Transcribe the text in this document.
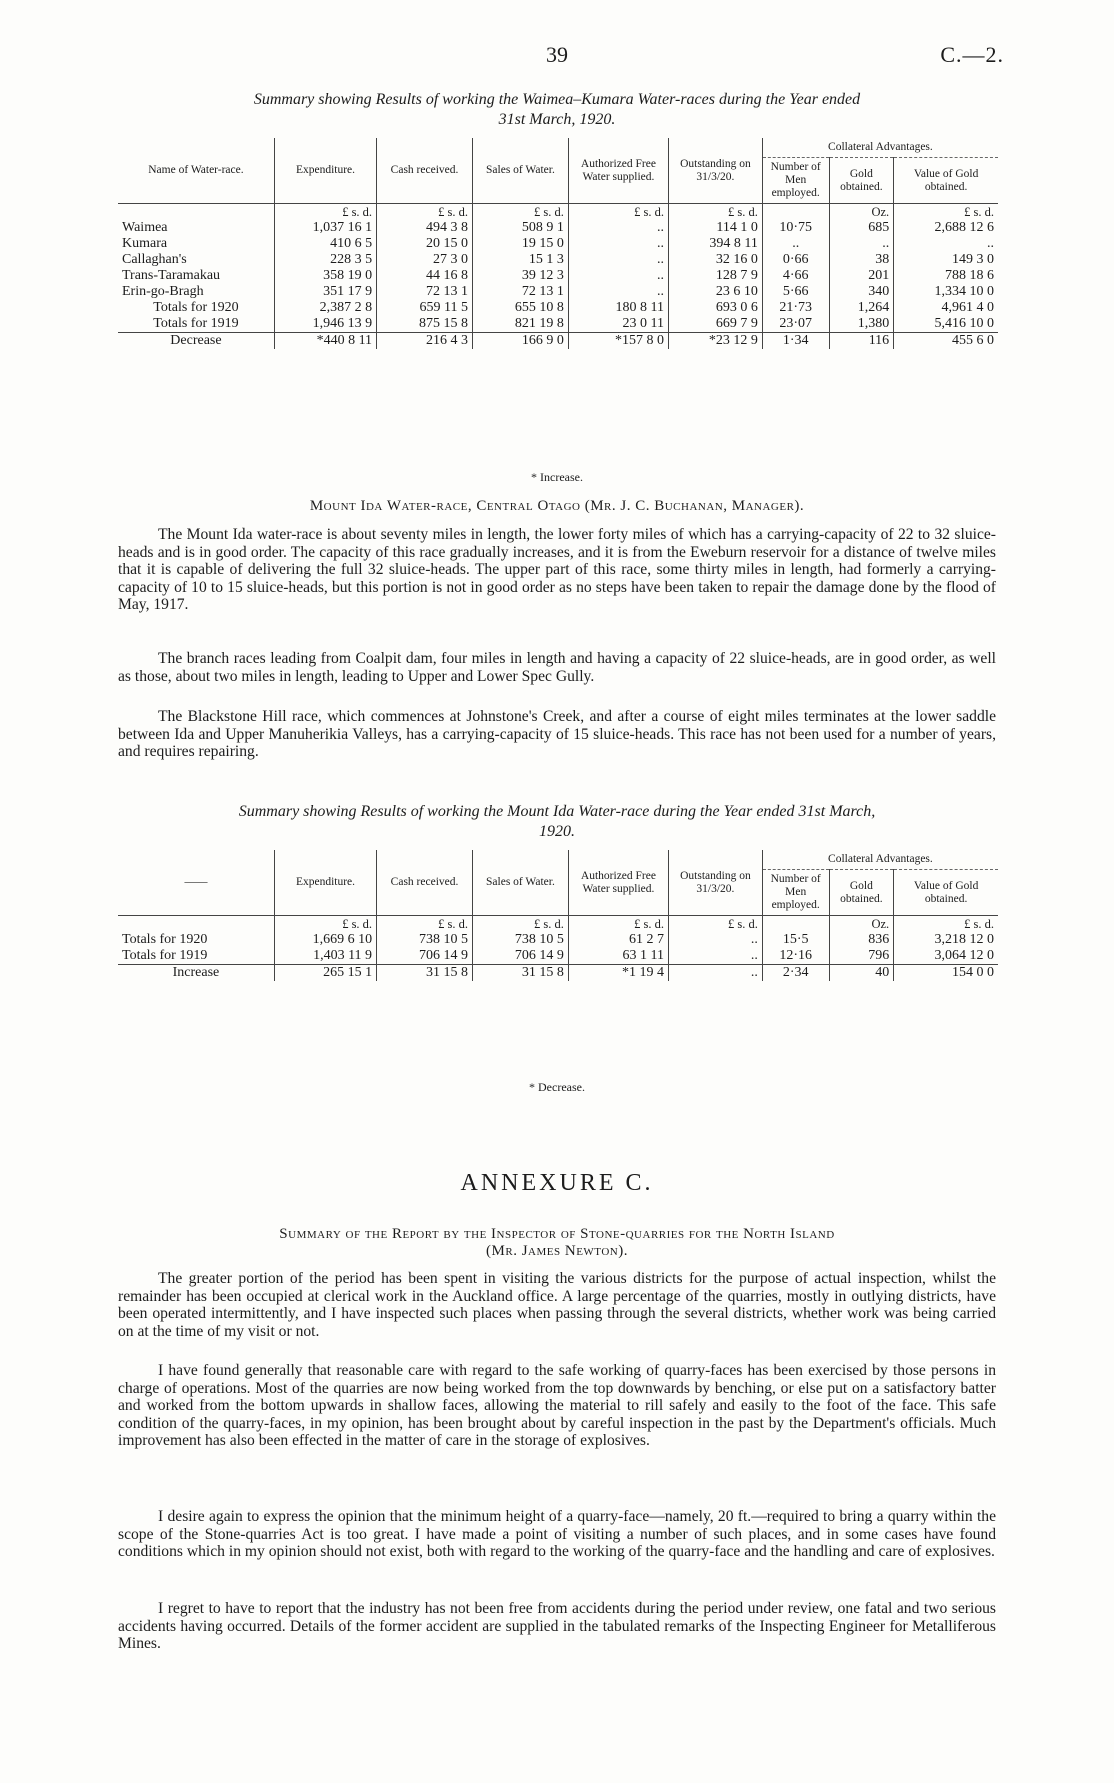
39	C.—2.
Summary showing Results of working the Waimea–Kumara Water-races during the Year ended
31st March, 1920.
Name of Water-race.	Expenditure.	Cash received.	Sales of Water.	Authorized Free Water supplied.	Outstanding on 31/3/20.	Collateral Advantages.		
						Number of Men employed.	Gold obtained.	Value of Gold obtained.
	£ s. d.	£ s. d.	£ s. d.	£ s. d.	£ s. d.		Oz.	£ s. d.
Waimea	1,037 16 1	494 3 8	508 9 1	..	114 1 0	10·75	685	2,688 12 6
Kumara	410 6 5	20 15 0	19 15 0	..	394 8 11	..	..	..
Callaghan's	228 3 5	27 3 0	15 1 3	..	32 16 0	0·66	38	149 3 0
Trans-Taramakau	358 19 0	44 16 8	39 12 3	..	128 7 9	4·66	201	788 18 6
Erin-go-Bragh	351 17 9	72 13 1	72 13 1	..	23 6 10	5·66	340	1,334 10 0
Totals for 1920	2,387 2 8	659 11 5	655 10 8	180 8 11	693 0 6	21·73	1,264	4,961 4 0
Totals for 1919	1,946 13 9	875 15 8	821 19 8	23 0 11	669 7 9	23·07	1,380	5,416 10 0
Decrease	*440 8 11	216 4 3	166 9 0	*157 8 0	*23 12 9	1·34	116	455 6 0
* Increase.
Mount Ida Water-race, Central Otago (Mr. J. C. Buchanan, Manager).
The Mount Ida water-race is about seventy miles in length, the lower forty miles of which has a carrying-capacity of 22 to 32 sluice-heads and is in good order. The capacity of this race gradually increases, and it is from the Eweburn reservoir for a distance of twelve miles that it is capable of delivering the full 32 sluice-heads. The upper part of this race, some thirty miles in length, had formerly a carrying-capacity of 10 to 15 sluice-heads, but this portion is not in good order as no steps have been taken to repair the damage done by the flood of May, 1917.
The branch races leading from Coalpit dam, four miles in length and having a capacity of 22 sluice-heads, are in good order, as well as those, about two miles in length, leading to Upper and Lower Spec Gully.
The Blackstone Hill race, which commences at Johnstone's Creek, and after a course of eight miles terminates at the lower saddle between Ida and Upper Manuherikia Valleys, has a carrying-capacity of 15 sluice-heads. This race has not been used for a number of years, and requires repairing.
Summary showing Results of working the Mount Ida Water-race during the Year ended 31st March,
1920.
——	Expenditure.	Cash received.	Sales of Water.	Authorized Free Water supplied.	Outstanding on 31/3/20.	Collateral Advantages.		
						Number of Men employed.	Gold obtained.	Value of Gold obtained.
	£ s. d.	£ s. d.	£ s. d.	£ s. d.	£ s. d.		Oz.	£ s. d.
Totals for 1920	1,669 6 10	738 10 5	738 10 5	61 2 7	..	15·5	836	3,218 12 0
Totals for 1919	1,403 11 9	706 14 9	706 14 9	63 1 11	..	12·16	796	3,064 12 0
Increase	265 15 1	31 15 8	31 15 8	*1 19 4	..	2·34	40	154 0 0
* Decrease.
ANNEXURE C.
Summary of the Report by the Inspector of Stone-quarries for the North Island
(Mr. James Newton).
The greater portion of the period has been spent in visiting the various districts for the purpose of actual inspection, whilst the remainder has been occupied at clerical work in the Auckland office. A large percentage of the quarries, mostly in outlying districts, have been operated intermittently, and I have inspected such places when passing through the several districts, whether work was being carried on at the time of my visit or not.
I have found generally that reasonable care with regard to the safe working of quarry-faces has been exercised by those persons in charge of operations. Most of the quarries are now being worked from the top downwards by benching, or else put on a satisfactory batter and worked from the bottom upwards in shallow faces, allowing the material to rill safely and easily to the foot of the face. This safe condition of the quarry-faces, in my opinion, has been brought about by careful inspection in the past by the Department's officials. Much improvement has also been effected in the matter of care in the storage of explosives.
I desire again to express the opinion that the minimum height of a quarry-face—namely, 20 ft.—required to bring a quarry within the scope of the Stone-quarries Act is too great. I have made a point of visiting a number of such places, and in some cases have found conditions which in my opinion should not exist, both with regard to the working of the quarry-face and the handling and care of explosives.
I regret to have to report that the industry has not been free from accidents during the period under review, one fatal and two serious accidents having occurred. Details of the former accident are supplied in the tabulated remarks of the Inspecting Engineer for Metalliferous Mines.
